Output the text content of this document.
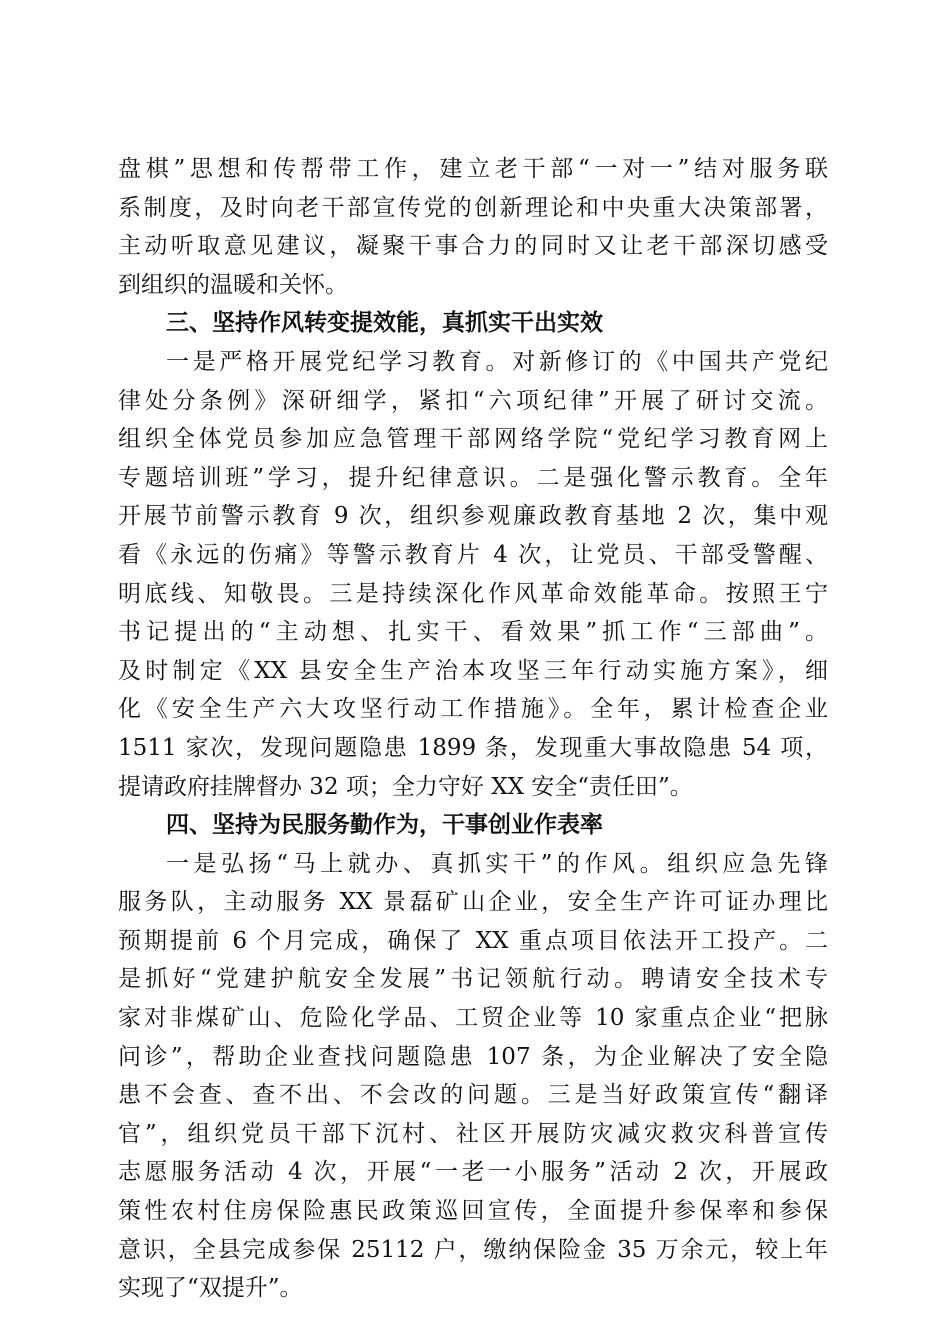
盘棋”思想和传帮带工作，建立老干部“一对一”结对服务联
系制度，及时向老干部宣传党的创新理论和中央重大决策部署，
主动听取意见建议，凝聚干事合力的同时又让老干部深切感受
到组织的温暖和关怀。
三、坚持作风转变提效能，真抓实干出实效
一是严格开展党纪学习教育。对新修订的《中国共产党纪
律处分条例》深研细学，紧扣“六项纪律”开展了研讨交流。
组织全体党员参加应急管理干部网络学院“党纪学习教育网上
专题培训班”学习，提升纪律意识。二是强化警示教育。全年
开展节前警示教育 9 次，组织参观廉政教育基地 2 次，集中观
看《永远的伤痛》等警示教育片 4 次，让党员、干部受警醒、
明底线、知敬畏。三是持续深化作风革命效能革命。按照王宁
书记提出的“主动想、扎实干、看效果”抓工作“三部曲”。
及时制定《XX 县安全生产治本攻坚三年行动实施方案》，细
化《安全生产六大攻坚行动工作措施》。全年，累计检查企业
1511 家次，发现问题隐患 1899 条，发现重大事故隐患 54 项，
提请政府挂牌督办 32 项；全力守好 XX 安全“责任田”。
四、坚持为民服务勤作为，干事创业作表率
一是弘扬“马上就办、真抓实干”的作风。组织应急先锋
服务队，主动服务 XX 景磊矿山企业，安全生产许可证办理比
预期提前 6 个月完成，确保了 XX 重点项目依法开工投产。二
是抓好“党建护航安全发展”书记领航行动。聘请安全技术专
家对非煤矿山、危险化学品、工贸企业等 10 家重点企业“把脉
问诊”，帮助企业查找问题隐患 107 条，为企业解决了安全隐
患不会查、查不出、不会改的问题。三是当好政策宣传“翻译
官”，组织党员干部下沉村、社区开展防灾减灾救灾科普宣传
志愿服务活动 4 次，开展“一老一小服务”活动 2 次，开展政
策性农村住房保险惠民政策巡回宣传，全面提升参保率和参保
意识，全县完成参保 25112 户，缴纳保险金 35 万余元，较上年
实现了“双提升”。
